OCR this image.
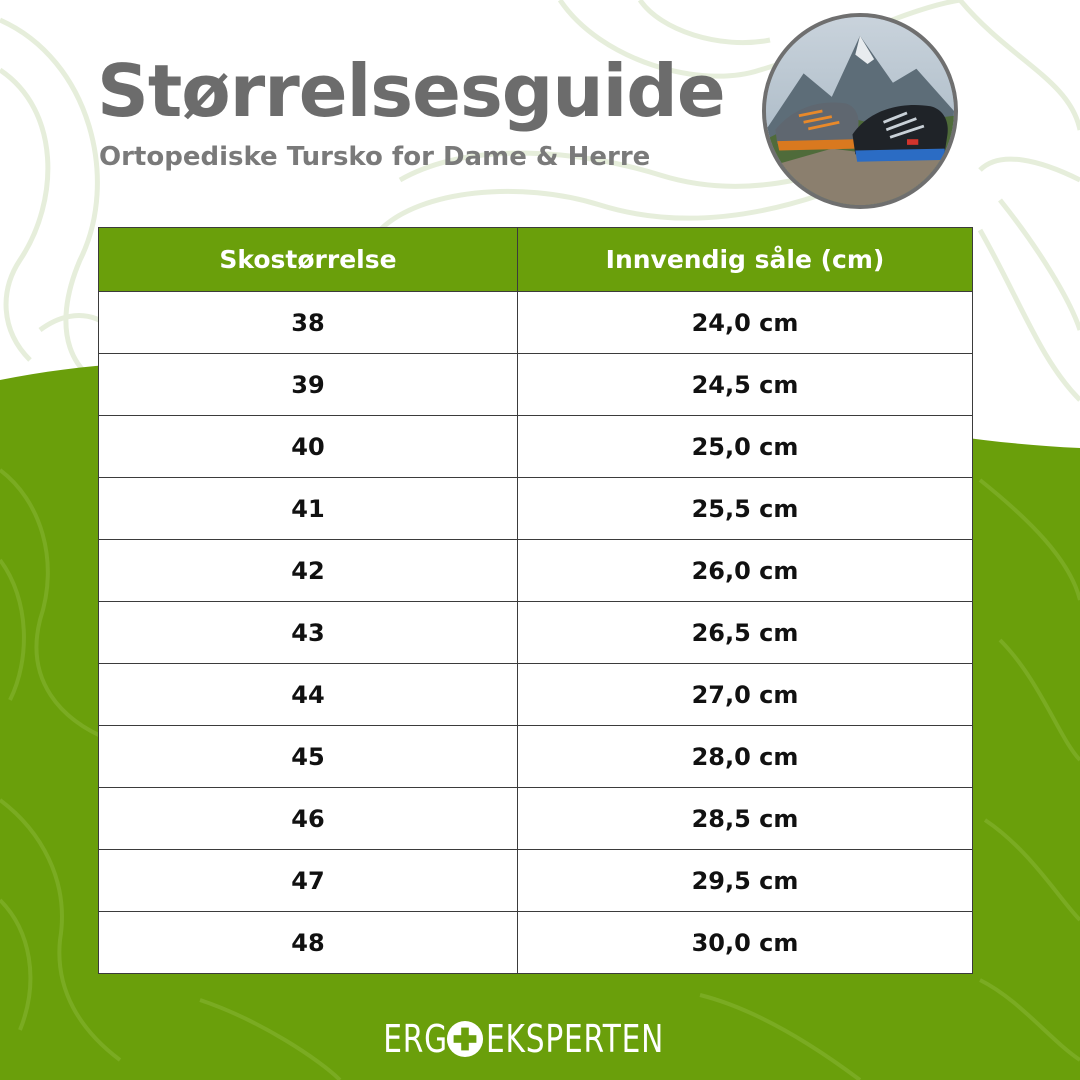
Størrelsesguide

Ortopediske Tursko for Dame & Herre

Skostørrelse	Innvendig såle (cm)
38	24,0 cm
39	24,5 cm
40	25,0 cm
41	25,5 cm
42	26,0 cm
43	26,5 cm
44	27,0 cm
45	28,0 cm
46	28,5 cm
47	29,5 cm
48	30,0 cm
ERG EKSPERTEN
